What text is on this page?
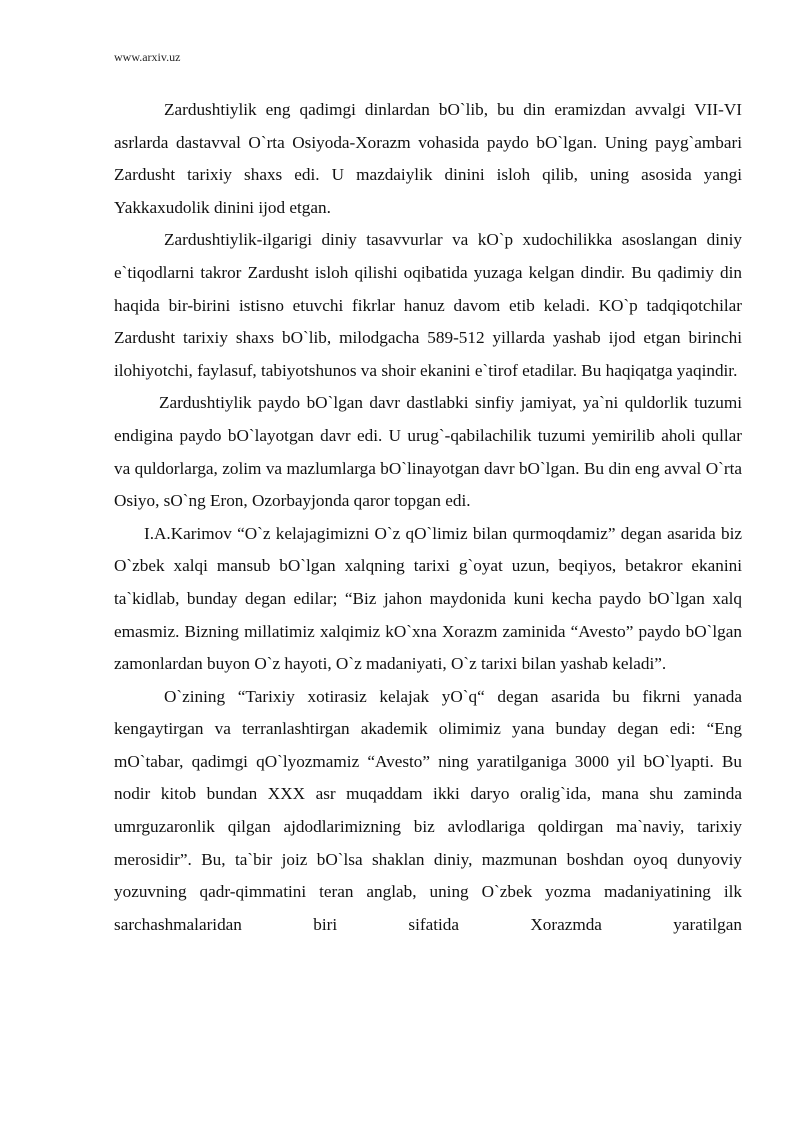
www.arxiv.uz

Zardushtiylik eng qadimgi dinlardan bO`lib, bu din eramizdan avvalgi VII-VI asrlarda dastavval O`rta Osiyoda-Xorazm vohasida paydo bO`lgan. Uning payg`ambari Zardusht tarixiy shaxs edi. U mazdaiylik dinini isloh qilib, uning asosida yangi Yakkaxudolik dinini ijod etgan.

Zardushtiylik-ilgarigi diniy tasavvurlar va kO`p xudochilikka asoslangan diniy e`tiqodlarni takror Zardusht isloh qilishi oqibatida yuzaga kelgan dindir. Bu qadimiy din haqida bir-birini istisno etuvchi fikrlar hanuz davom etib keladi. KO`p tadqiqotchilar Zardusht tarixiy shaxs bO`lib, milodgacha 589-512 yillarda yashab ijod etgan birinchi ilohiyotchi, faylasuf, tabiyotshunos va shoir ekanini e`tirof etadilar. Bu haqiqatga yaqindir.

Zardushtiylik paydo bO`lgan davr dastlabki sinfiy jamiyat, ya`ni quldorlik tuzumi endigina paydo bO`layotgan davr edi. U urug`-qabilachilik tuzumi yemirilib aholi qullar va quldorlarga, zolim va mazlumlarga bO`linayotgan davr bO`lgan. Bu din eng avval O`rta Osiyo, sO`ng Eron, Ozorbayjonda qaror topgan edi.

I.A.Karimov “O`z kelajagimizni O`z qO`limiz bilan qurmoqdamiz” degan asarida biz O`zbek xalqi mansub bO`lgan xalqning tarixi g`oyat uzun, beqiyos, betakror ekanini ta`kidlab, bunday degan edilar; “Biz jahon maydonida kuni kecha paydo bO`lgan xalq emasmiz. Bizning millatimiz xalqimiz kO`xna Xorazm zaminida “Avesto” paydo bO`lgan zamonlardan buyon O`z hayoti, O`z madaniyati, O`z tarixi bilan yashab keladi”.

O`zining “Tarixiy xotirasiz kelajak yO`q“ degan asarida bu fikrni yanada kengaytirgan va terranlashtirgan akademik olimimiz yana bunday degan edi: “Eng mO`tabar, qadimgi qO`lyozmamiz “Avesto” ning yaratilganiga 3000 yil bO`lyapti. Bu nodir kitob bundan XXX asr muqaddam ikki daryo oralig`ida, mana shu zaminda umrguzaronlik qilgan ajdodlarimizning biz avlodlariga qoldirgan ma`naviy, tarixiy merosidir”. Bu, ta`bir joiz bO`lsa shaklan diniy, mazmunan boshdan oyoq dunyoviy yozuvning qadr-qimmatini teran anglab, uning O`zbek yozma madaniyatining ilk sarchashmalaridan biri sifatida Xorazmda yaratilgan
